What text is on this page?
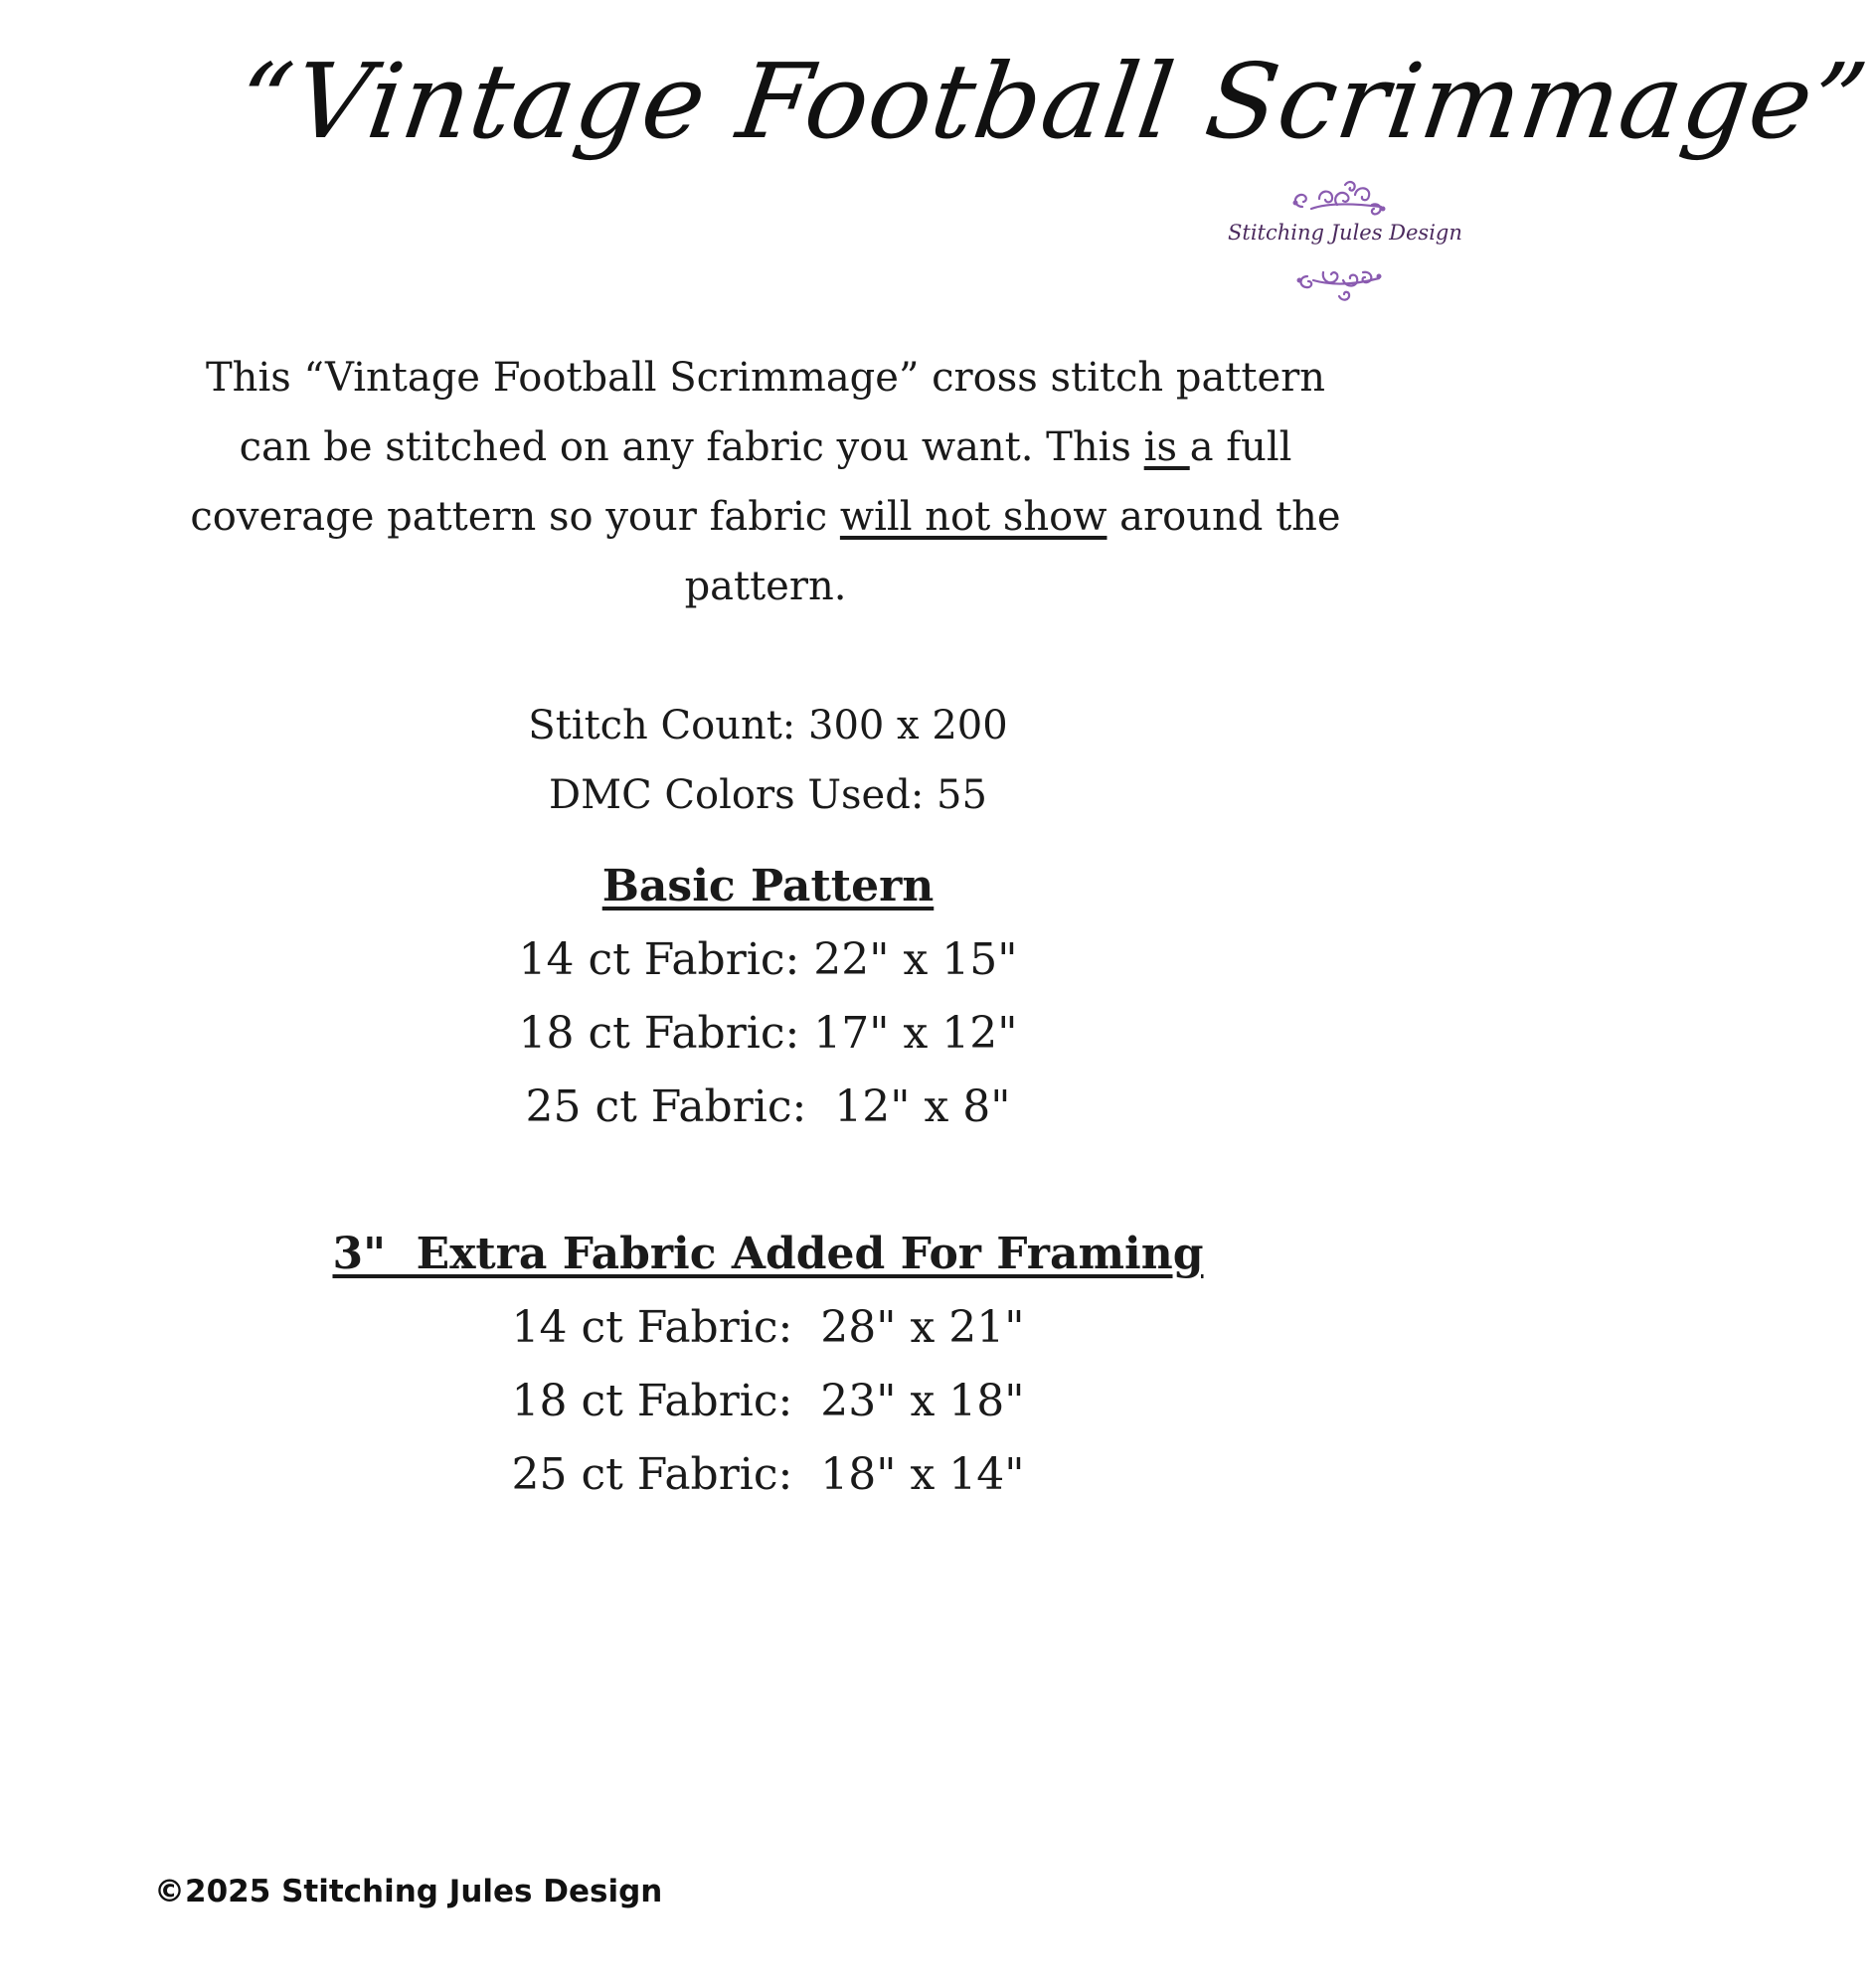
“Vintage Football Scrimmage”
Stitching Jules Design
This “Vintage Football Scrimmage” cross stitch pattern can be stitched on any fabric you want. This is a full coverage pattern so your fabric will not show around the pattern.
Stitch Count: 300 x 200
DMC Colors Used: 55
Basic Pattern
14 ct Fabric: 22" x 15"
18 ct Fabric: 17" x 12"
25 ct Fabric:  12" x 8"
3"  Extra Fabric Added For Framing
14 ct Fabric:  28" x 21"
18 ct Fabric:  23" x 18"
25 ct Fabric:  18" x 14"
©2025 Stitching Jules Design
